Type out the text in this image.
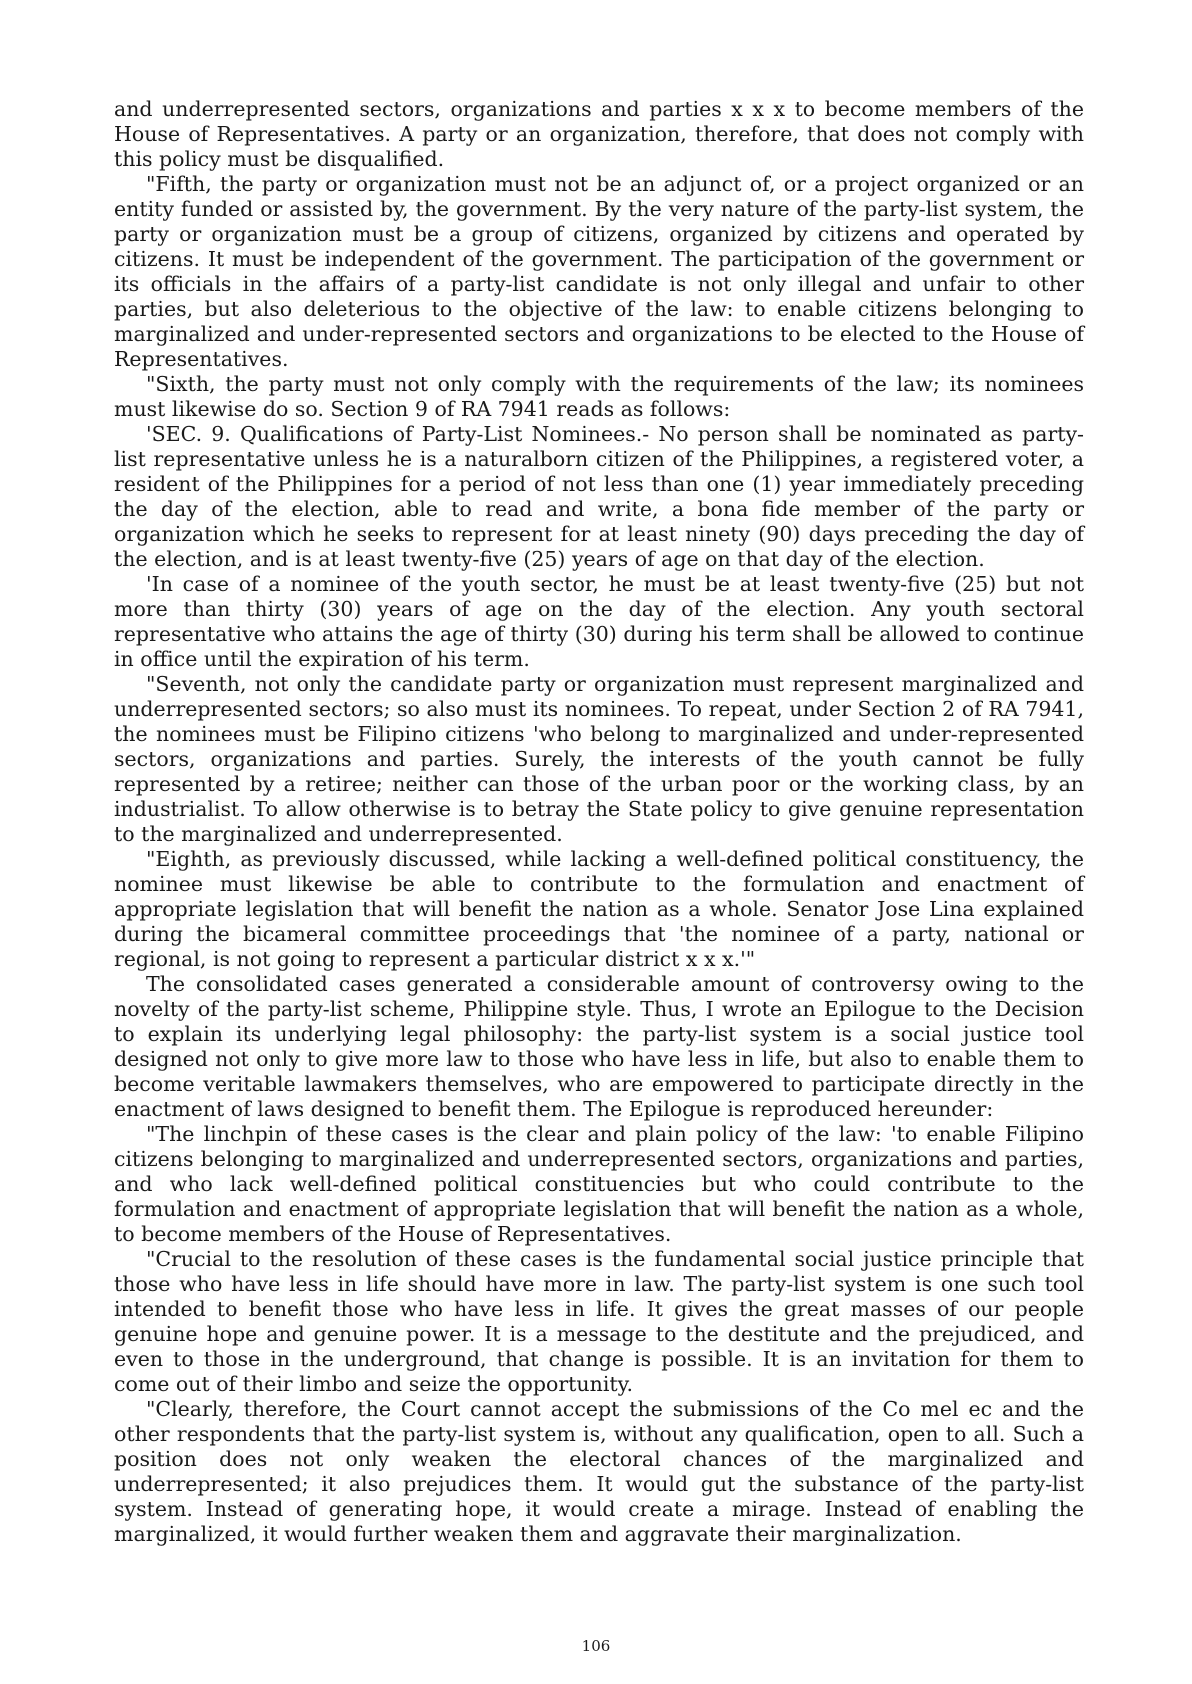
and underrepresented sectors, organizations and parties x x x to become members of the House of Representatives. A party or an organization, therefore, that does not comply with this policy must be disqualified.

"Fifth, the party or organization must not be an adjunct of, or a project organized or an entity funded or assisted by, the government. By the very nature of the party-list system, the party or organization must be a group of citizens, organized by citizens and operated by citizens. It must be independent of the government. The participation of the government or its officials in the affairs of a party-list candidate is not only illegal and unfair to other parties, but also deleterious to the objective of the law: to enable citizens belonging to marginalized and under-represented sectors and organizations to be elected to the House of Representatives.

"Sixth, the party must not only comply with the requirements of the law; its nominees must likewise do so. Section 9 of RA 7941 reads as follows:

'SEC. 9. Qualifications of Party-List Nominees.- No person shall be nominated as party-list representative unless he is a naturalborn citizen of the Philippines, a registered voter, a resident of the Philippines for a period of not less than one (1) year immediately preceding the day of the election, able to read and write, a bona fide member of the party or organization which he seeks to represent for at least ninety (90) days preceding the day of the election, and is at least twenty-five (25) years of age on that day of the election.

'In case of a nominee of the youth sector, he must be at least twenty-five (25) but not more than thirty (30) years of age on the day of the election. Any youth sectoral representative who attains the age of thirty (30) during his term shall be allowed to continue in office until the expiration of his term.

"Seventh, not only the candidate party or organization must represent marginalized and underrepresented sectors; so also must its nominees. To repeat, under Section 2 of RA 7941, the nominees must be Filipino citizens 'who belong to marginalized and under-represented sectors, organizations and parties. Surely, the interests of the youth cannot be fully represented by a retiree; neither can those of the urban poor or the working class, by an industrialist. To allow otherwise is to betray the State policy to give genuine representation to the marginalized and underrepresented.

"Eighth, as previously discussed, while lacking a well-defined political constituency, the nominee must likewise be able to contribute to the formulation and enactment of appropriate legislation that will benefit the nation as a whole. Senator Jose Lina explained during the bicameral committee proceedings that 'the nominee of a party, national or regional, is not going to represent a particular district x x x.'"

The consolidated cases generated a considerable amount of controversy owing to the novelty of the party-list scheme, Philippine style. Thus, I wrote an Epilogue to the Decision to explain its underlying legal philosophy: the party-list system is a social justice tool designed not only to give more law to those who have less in life, but also to enable them to become veritable lawmakers themselves, who are empowered to participate directly in the enactment of laws designed to benefit them. The Epilogue is reproduced hereunder:

"The linchpin of these cases is the clear and plain policy of the law: 'to enable Filipino citizens belonging to marginalized and underrepresented sectors, organizations and parties, and who lack well-defined political constituencies but who could contribute to the formulation and enactment of appropriate legislation that will benefit the nation as a whole, to become members of the House of Representatives.

"Crucial to the resolution of these cases is the fundamental social justice principle that those who have less in life should have more in law. The party-list system is one such tool intended to benefit those who have less in life. It gives the great masses of our people genuine hope and genuine power. It is a message to the destitute and the prejudiced, and even to those in the underground, that change is possible. It is an invitation for them to come out of their limbo and seize the opportunity.

"Clearly, therefore, the Court cannot accept the submissions of the Co mel ec and the other respondents that the party-list system is, without any qualification, open to all. Such a position does not only weaken the electoral chances of the marginalized and underrepresented; it also prejudices them. It would gut the substance of the party-list system. Instead of generating hope, it would create a mirage. Instead of enabling the marginalized, it would further weaken them and aggravate their marginalization.

106
